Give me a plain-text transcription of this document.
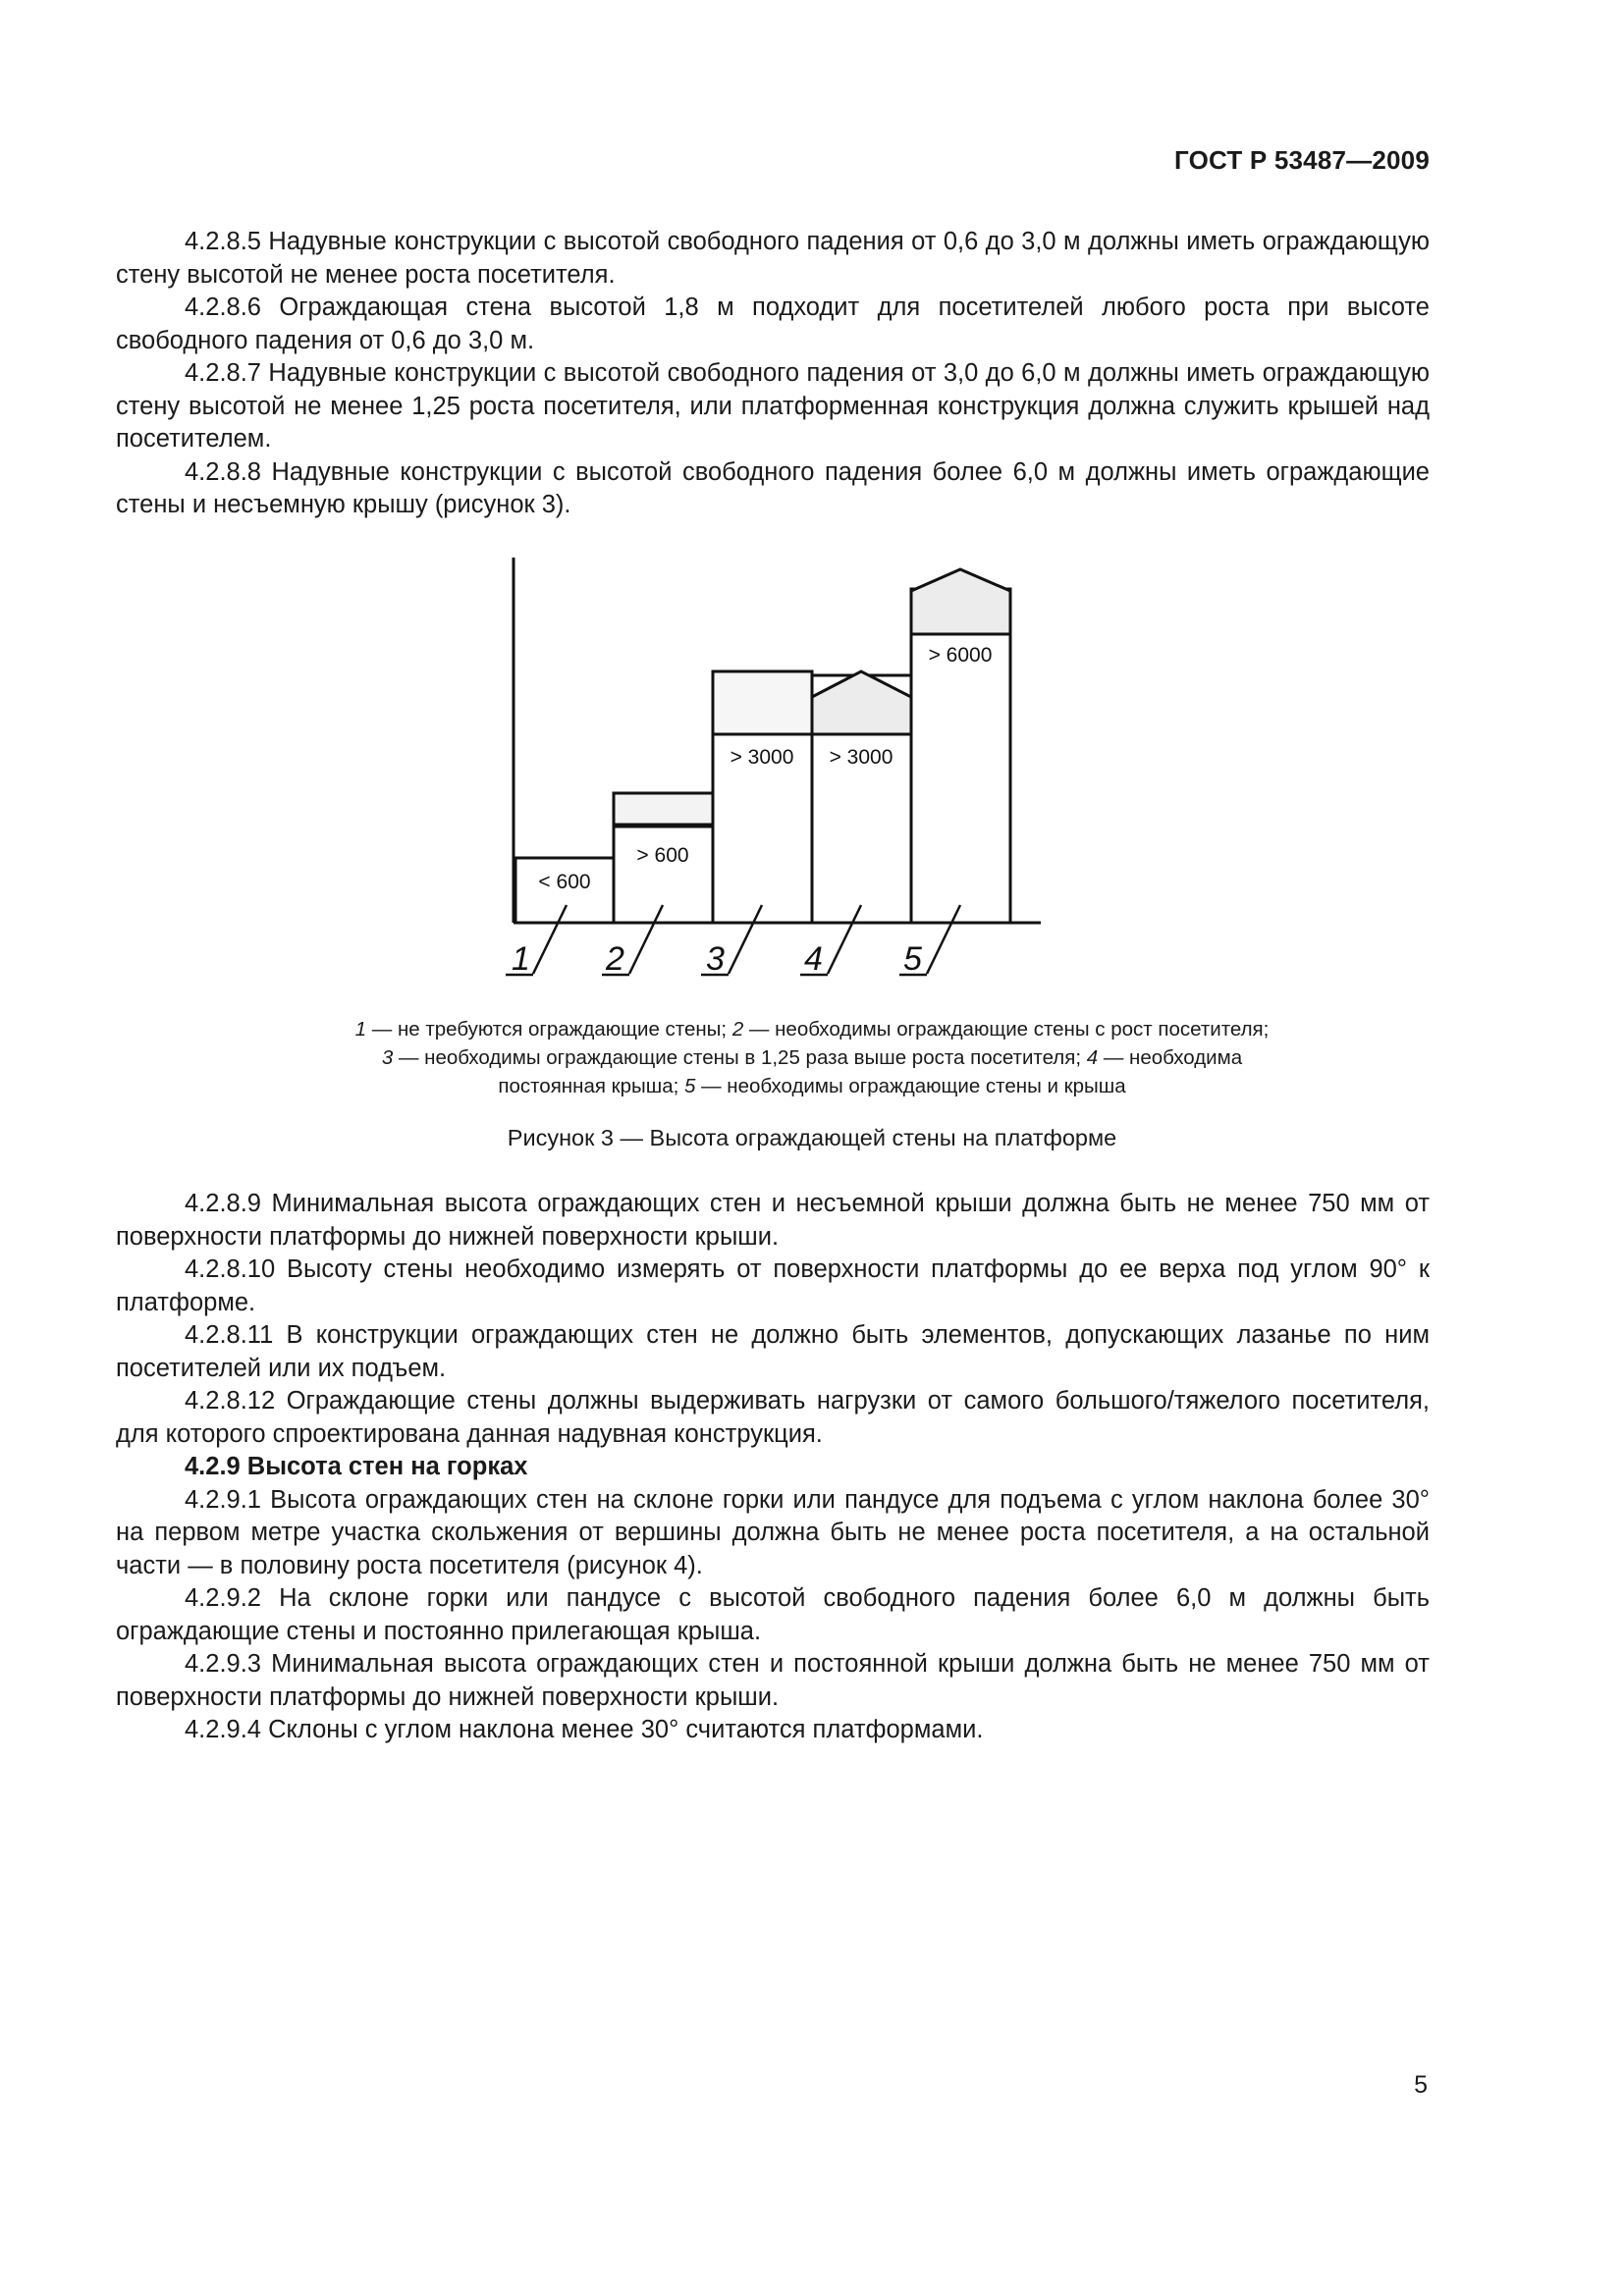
ГОСТ Р 53487—2009

4.2.8.5 Надувные конструкции с высотой свободного падения от 0,6 до 3,0 м должны иметь ограждающую стену высотой не менее роста посетителя.

4.2.8.6 Ограждающая стена высотой 1,8 м подходит для посетителей любого роста при высоте свободного падения от 0,6 до 3,0 м.

4.2.8.7 Надувные конструкции с высотой свободного падения от 3,0 до 6,0 м должны иметь ограждающую стену высотой не менее 1,25 роста посетителя, или платформенная конструкция должна служить крышей над посетителем.

4.2.8.8 Надувные конструкции с высотой свободного падения более 6,0 м должны иметь ограждающие стены и несъемную крышу (рисунок 3).

< 600
> 600
> 3000 > 3000
> 6000
1 2 3 4 5
1 — не требуются ограждающие стены; 2 — необходимы ограждающие стены с рост посетителя;
3 — необходимы ограждающие стены в 1,25 раза выше роста посетителя; 4 — необходима
постоянная крыша; 5 — необходимы ограждающие стены и крыша
Рисунок 3 — Высота ограждающей стены на платформе

4.2.8.9 Минимальная высота ограждающих стен и несъемной крыши должна быть не менее 750 мм от поверхности платформы до нижней поверхности крыши.

4.2.8.10 Высоту стены необходимо измерять от поверхности платформы до ее верха под углом 90° к платформе.

4.2.8.11 В конструкции ограждающих стен не должно быть элементов, допускающих лазанье по ним посетителей или их подъем.

4.2.8.12 Ограждающие стены должны выдерживать нагрузки от самого большого/тяжелого посетителя, для которого спроектирована данная надувная конструкция.

4.2.9 Высота стен на горках

4.2.9.1 Высота ограждающих стен на склоне горки или пандусе для подъема с углом наклона более 30° на первом метре участка скольжения от вершины должна быть не менее роста посетителя, а на остальной части — в половину роста посетителя (рисунок 4).

4.2.9.2 На склоне горки или пандусе с высотой свободного падения более 6,0 м должны быть ограждающие стены и постоянно прилегающая крыша.

4.2.9.3 Минимальная высота ограждающих стен и постоянной крыши должна быть не менее 750 мм от поверхности платформы до нижней поверхности крыши.

4.2.9.4 Склоны с углом наклона менее 30° считаются платформами.

5
